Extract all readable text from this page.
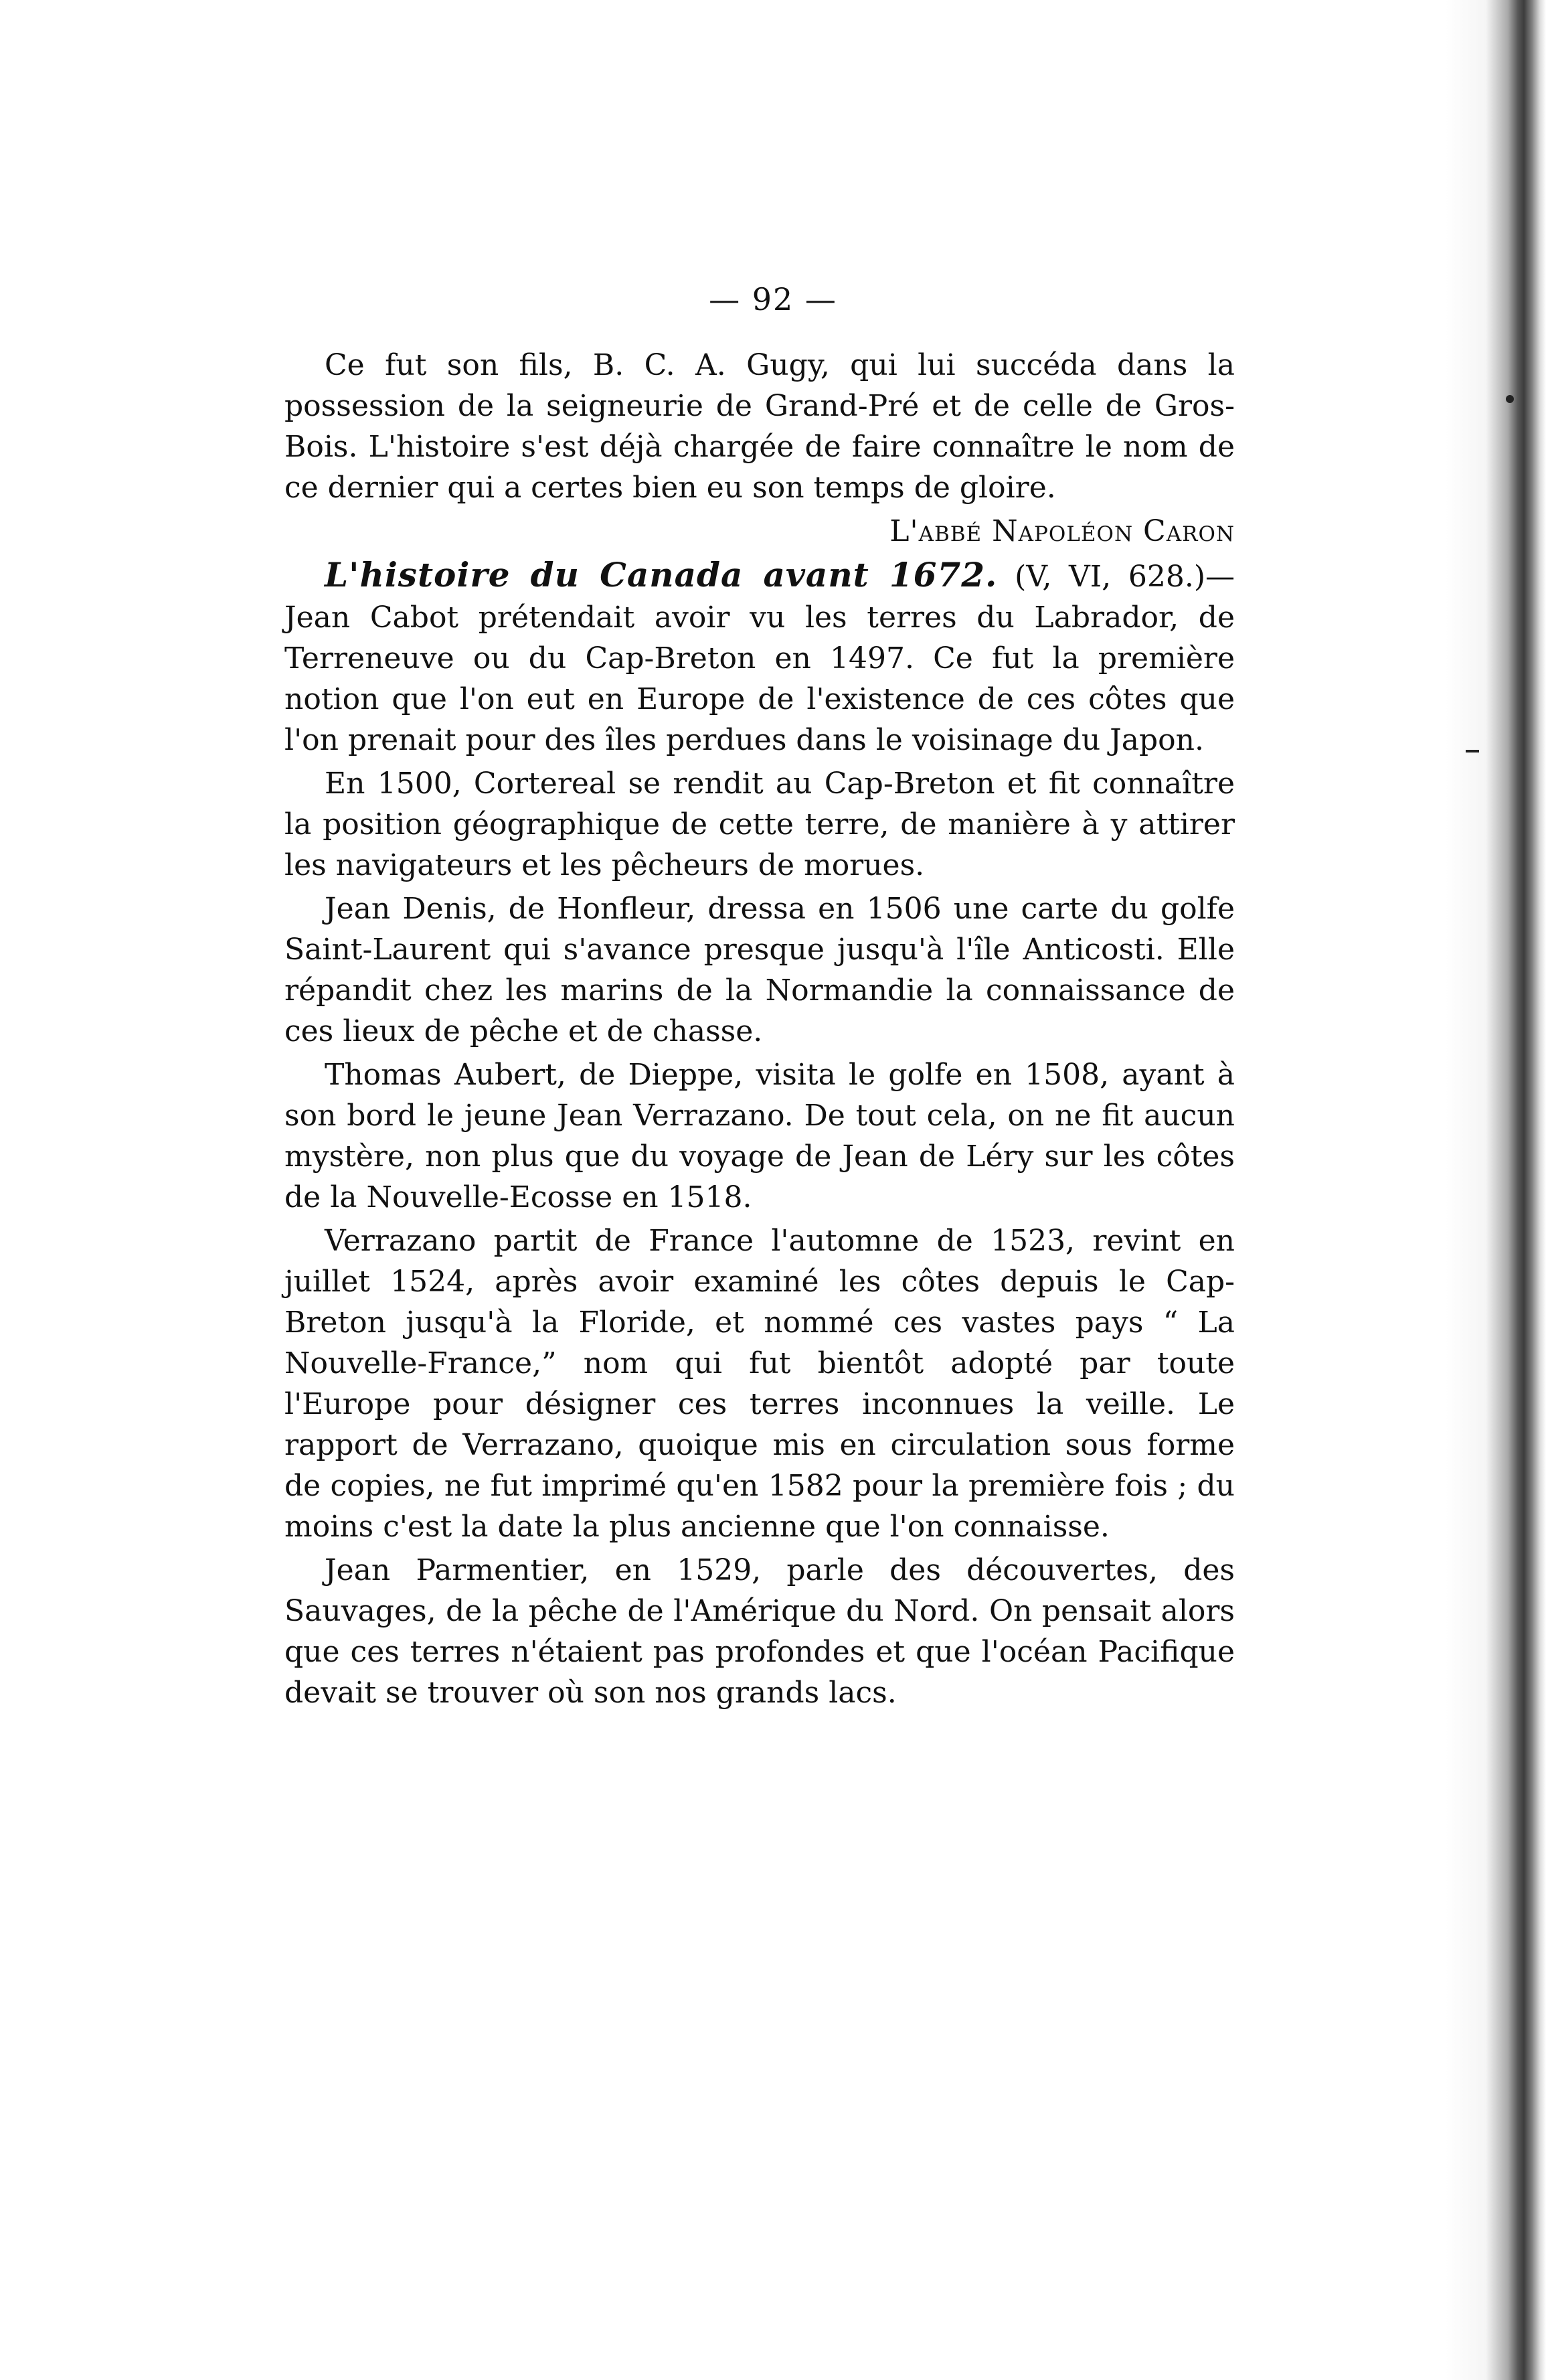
— 92 —

Ce fut son fils, B. C. A. Gugy, qui lui succéda dans la possession de la seigneurie de Grand-Pré et de celle de Gros-Bois. L'histoire s'est déjà chargée de faire connaître le nom de ce dernier qui a certes bien eu son temps de gloire.

L'abbé Napoléon Caron

L'histoire du Canada avant 1672. (V, VI, 628.)—Jean Cabot prétendait avoir vu les terres du Labrador, de Terreneuve ou du Cap-Breton en 1497. Ce fut la première notion que l'on eut en Europe de l'existence de ces côtes que l'on prenait pour des îles perdues dans le voisinage du Japon.

En 1500, Cortereal se rendit au Cap-Breton et fit connaître la position géographique de cette terre, de manière à y attirer les navigateurs et les pêcheurs de morues.

Jean Denis, de Honfleur, dressa en 1506 une carte du golfe Saint-Laurent qui s'avance presque jusqu'à l'île Anticosti. Elle répandit chez les marins de la Normandie la connaissance de ces lieux de pêche et de chasse.

Thomas Aubert, de Dieppe, visita le golfe en 1508, ayant à son bord le jeune Jean Verrazano. De tout cela, on ne fit aucun mystère, non plus que du voyage de Jean de Léry sur les côtes de la Nouvelle-Ecosse en 1518.

Verrazano partit de France l'automne de 1523, revint en juillet 1524, après avoir examiné les côtes depuis le Cap-Breton jusqu'à la Floride, et nommé ces vastes pays “ La Nouvelle-France,” nom qui fut bientôt adopté par toute l'Europe pour désigner ces terres inconnues la veille. Le rapport de Verrazano, quoique mis en circulation sous forme de copies, ne fut imprimé qu'en 1582 pour la première fois ; du moins c'est la date la plus ancienne que l'on connaisse.

Jean Parmentier, en 1529, parle des découvertes, des Sauvages, de la pêche de l'Amérique du Nord. On pensait alors que ces terres n'étaient pas profondes et que l'océan Pacifique devait se trouver où son nos grands lacs.
